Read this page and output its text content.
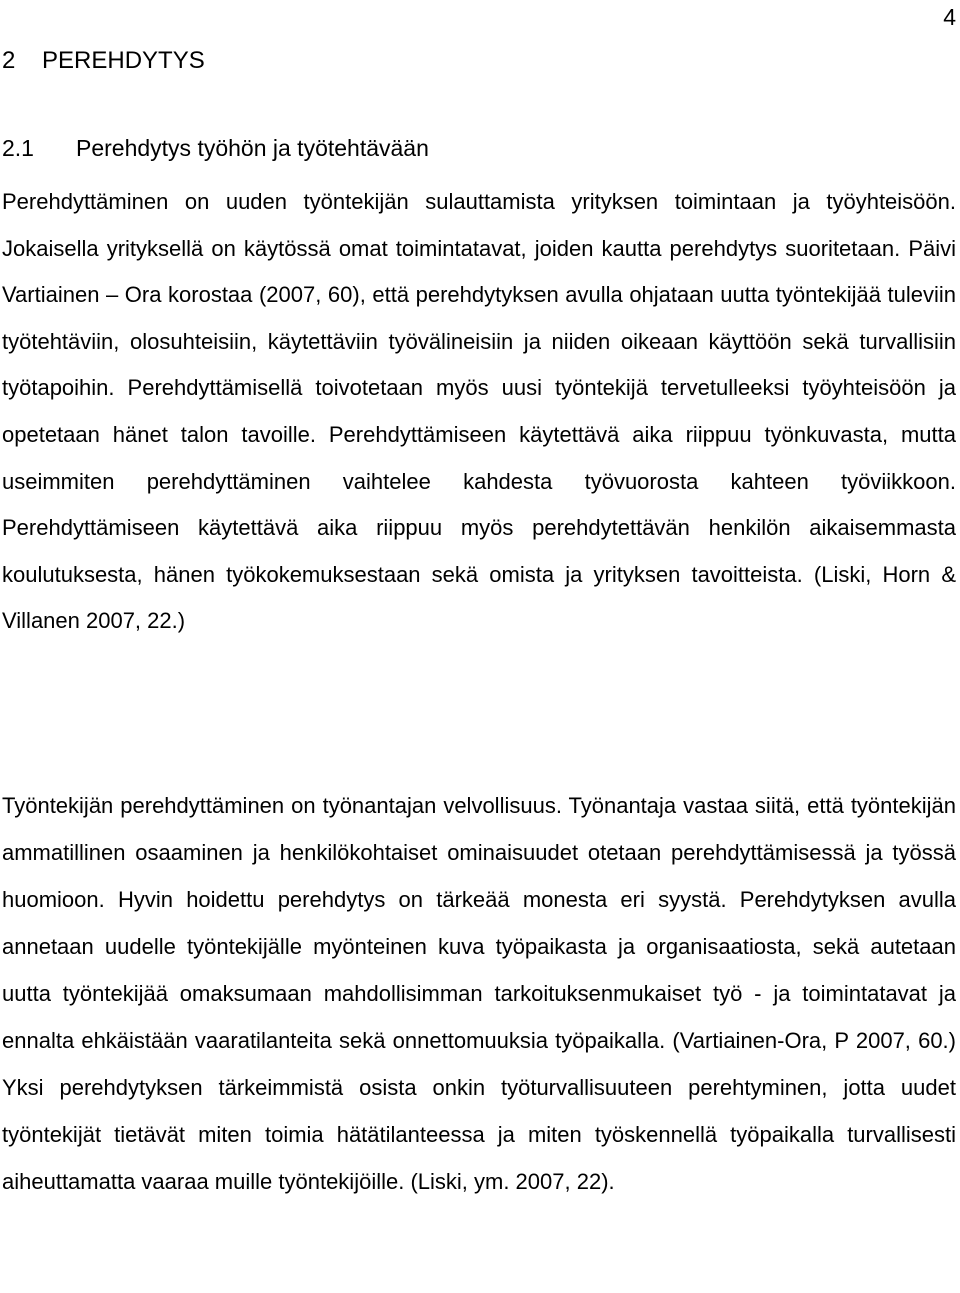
4
2 PEREHDYTYS
2.1 Perehdytys työhön ja työtehtävään

Perehdyttäminen on uuden työntekijän sulauttamista yrityksen toimintaan ja työyhteisöön. Jokaisella yrityksellä on käytössä omat toimintatavat, joiden kautta perehdytys suoritetaan. Päivi Vartiainen – Ora korostaa (2007, 60), että perehdytyksen avulla ohjataan uutta työntekijää tuleviin työtehtäviin, olosuhteisiin, käytettäviin työvälineisiin ja niiden oikeaan käyttöön sekä turvallisiin työtapoihin. Perehdyttämisellä toivotetaan myös uusi työntekijä tervetulleeksi työyhteisöön ja opetetaan hänet talon tavoille. Perehdyttämiseen käytettävä aika riippuu työnkuvasta, mutta useimmiten perehdyttäminen vaihtelee kahdesta työvuorosta kahteen työviikkoon. Perehdyttämiseen käytettävä aika riippuu myös perehdytettävän henkilön aikaisemmasta koulutuksesta, hänen työkokemuksestaan sekä omista ja yrityksen tavoitteista. (Liski, Horn & Villanen 2007, 22.)

Työntekijän perehdyttäminen on työnantajan velvollisuus. Työnantaja vastaa siitä, että työntekijän ammatillinen osaaminen ja henkilökohtaiset ominaisuudet otetaan perehdyttämisessä ja työssä huomioon. Hyvin hoidettu perehdytys on tärkeää monesta eri syystä. Perehdytyksen avulla annetaan uudelle työntekijälle myönteinen kuva työpaikasta ja organisaatiosta, sekä autetaan uutta työntekijää omaksumaan mahdollisimman tarkoituksenmukaiset työ - ja toimintatavat ja ennalta ehkäistään vaaratilanteita sekä onnettomuuksia työpaikalla. (Vartiainen-Ora, P 2007, 60.) Yksi perehdytyksen tärkeimmistä osista onkin työturvallisuuteen perehtyminen, jotta uudet työntekijät tietävät miten toimia hätätilanteessa ja miten työskennellä työpaikalla turvallisesti aiheuttamatta vaaraa muille työntekijöille. (Liski, ym. 2007, 22).
